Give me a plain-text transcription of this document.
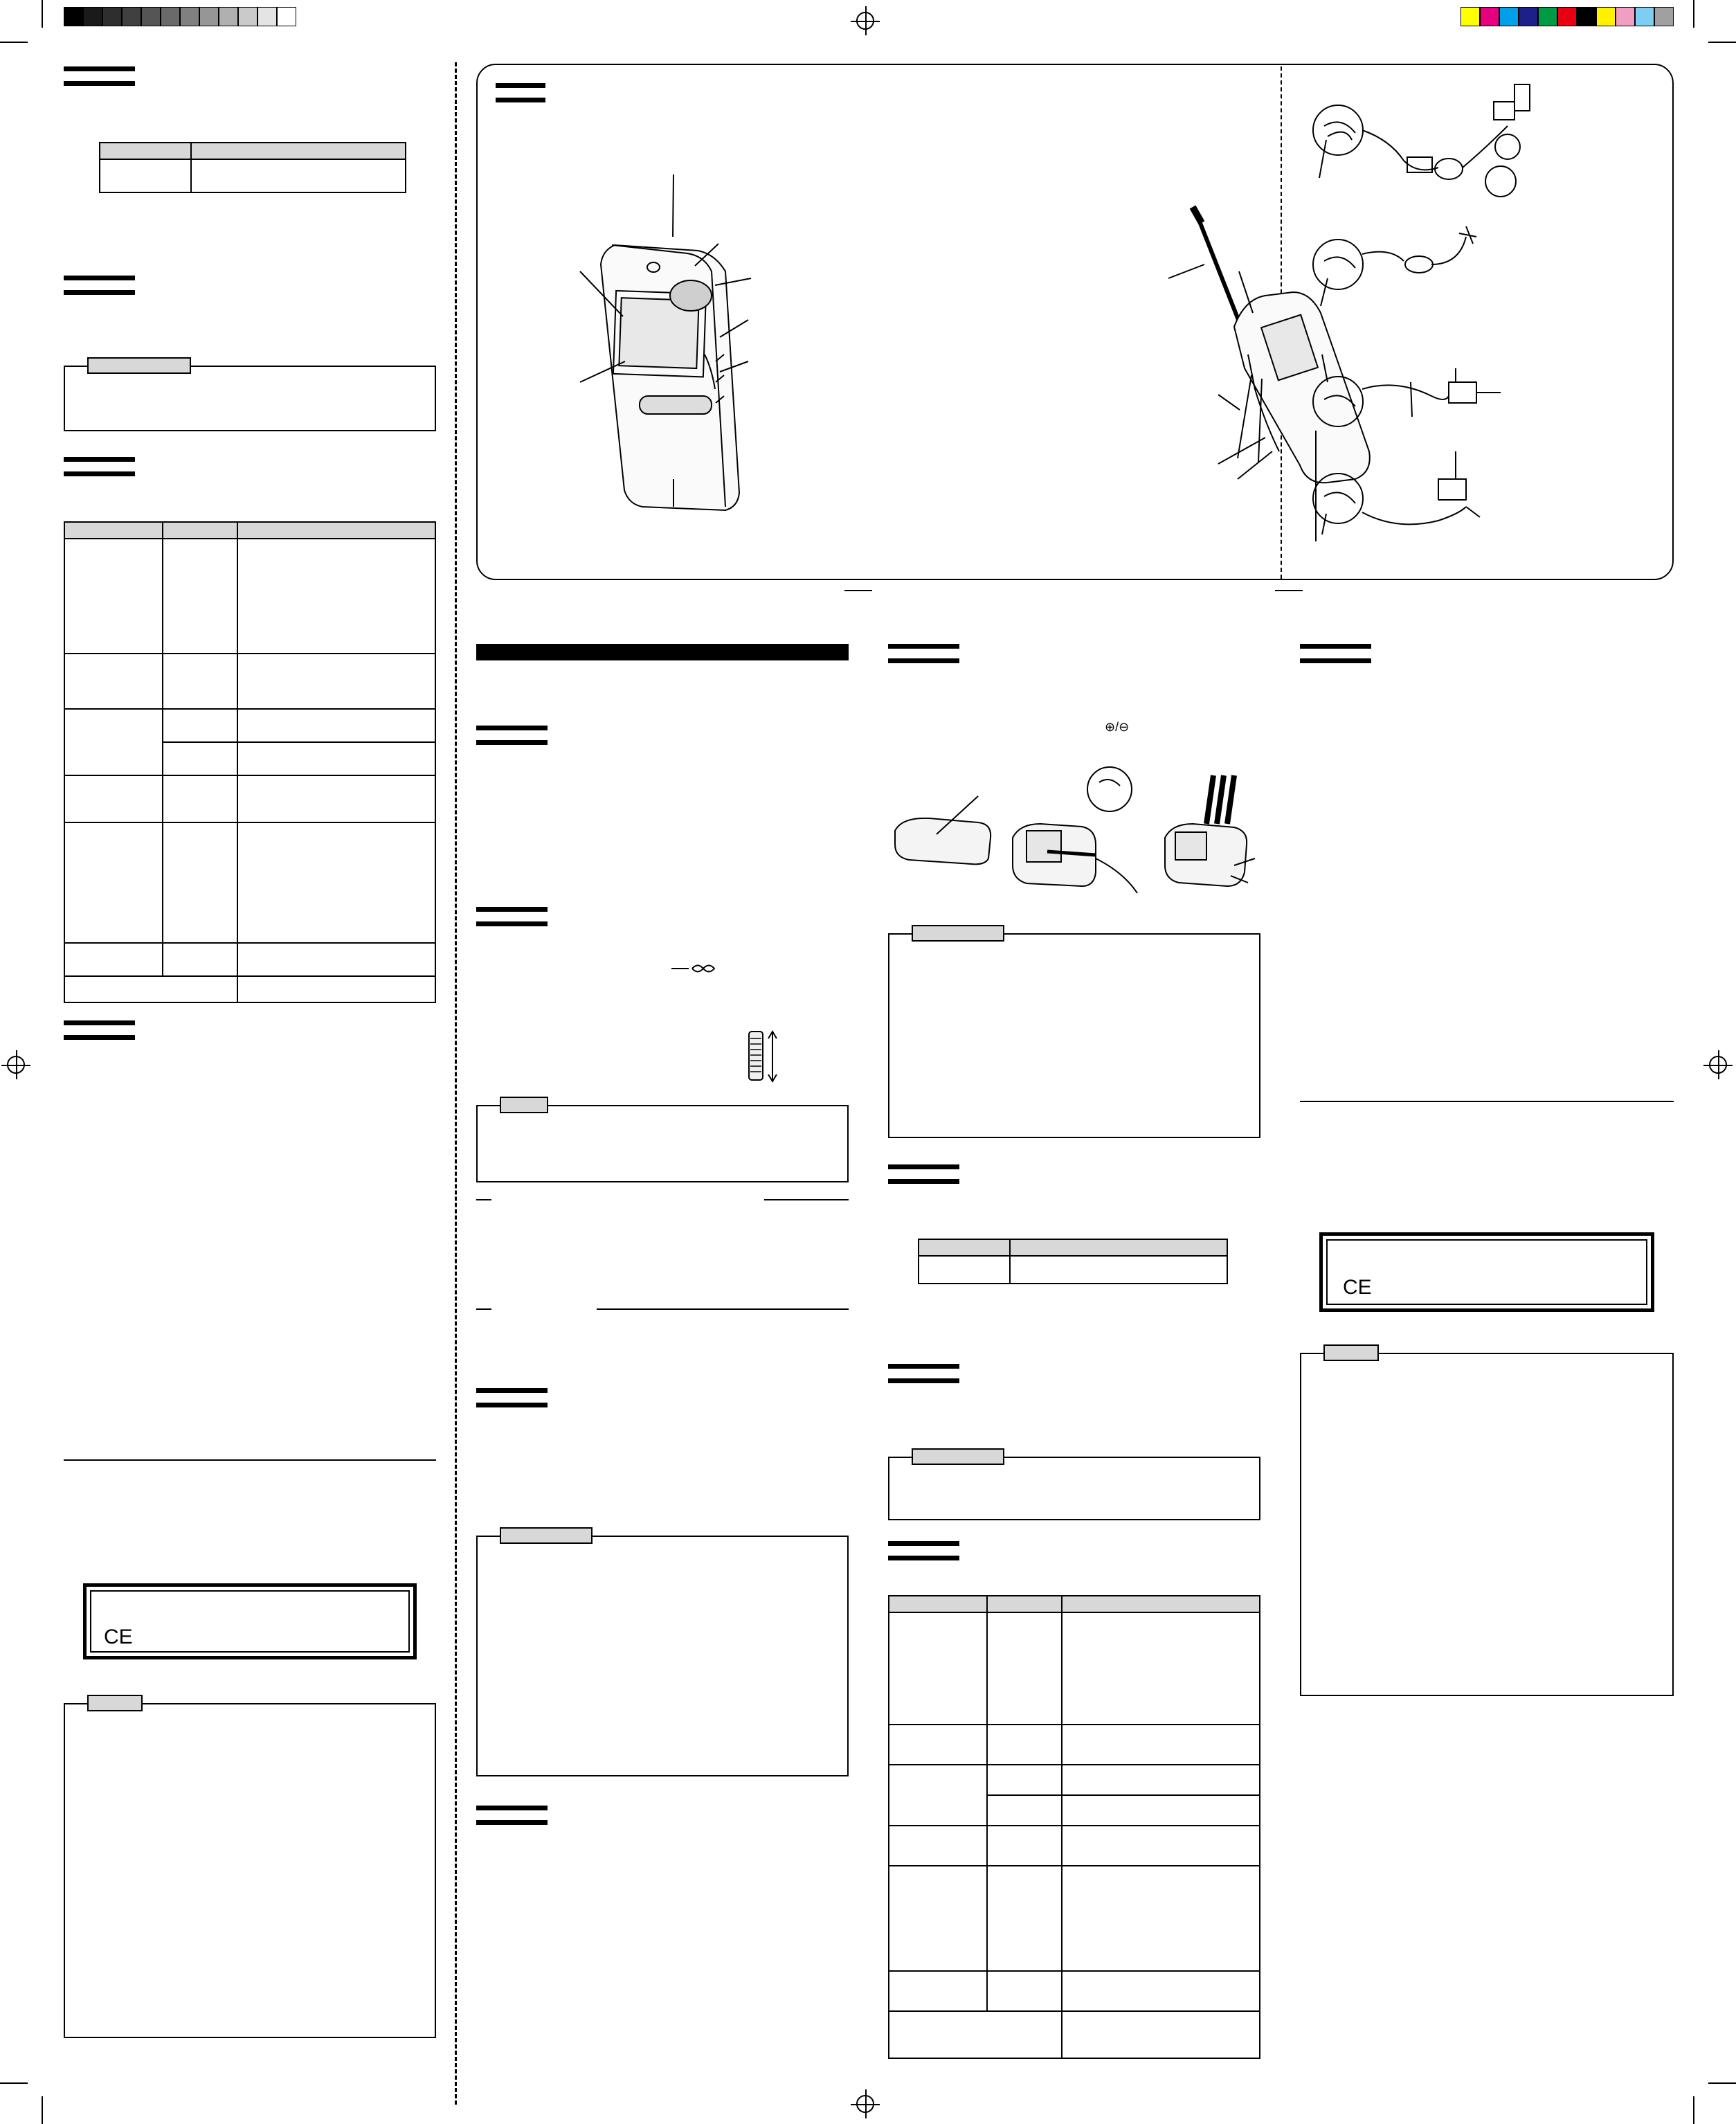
CE
⊕/⊖

CE
